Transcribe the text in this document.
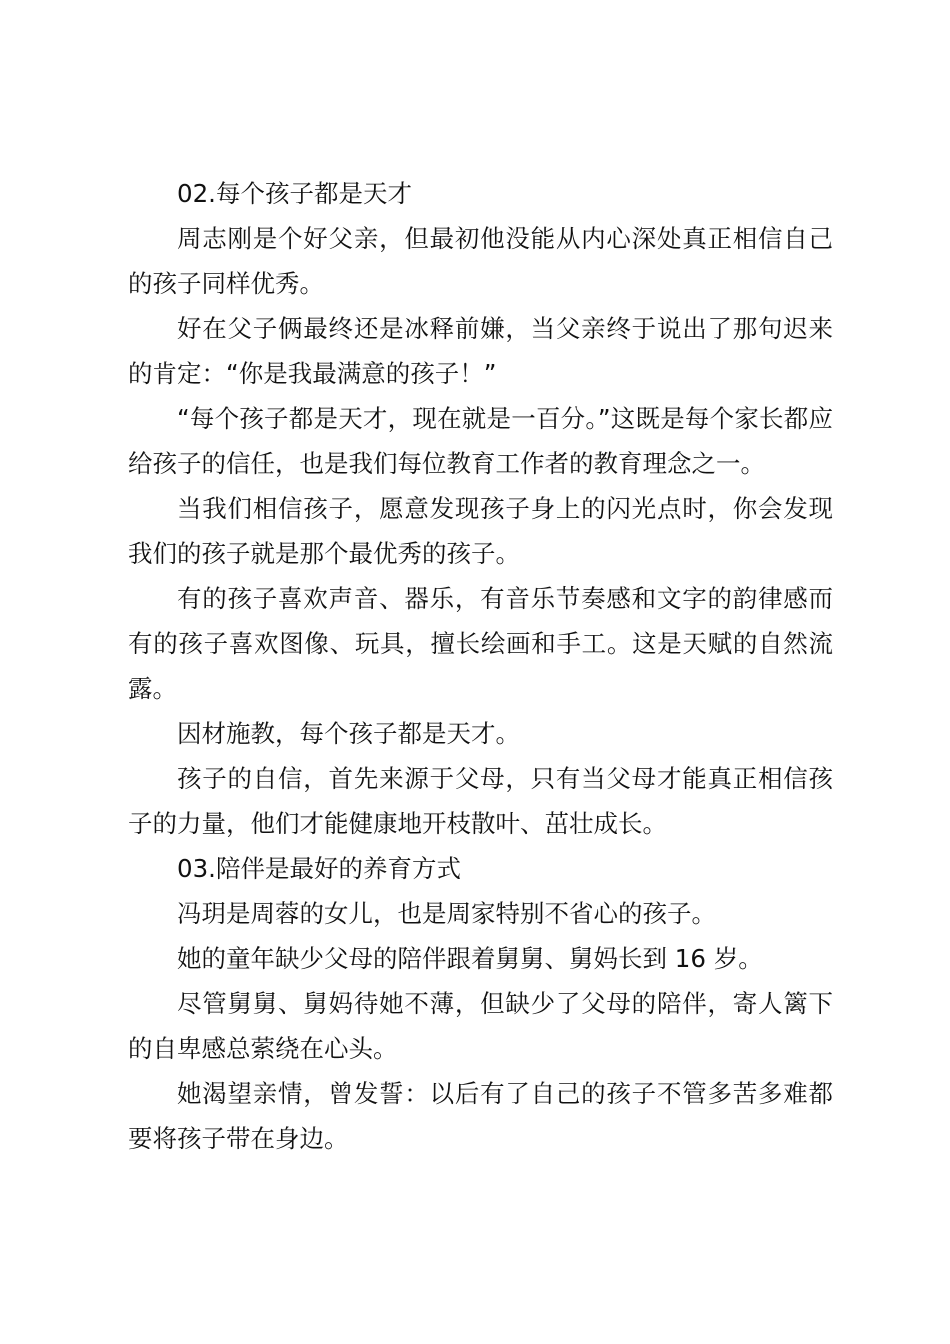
02.每个孩子都是天才

周志刚是个好父亲，但最初他没能从内心深处真正相信自己的孩子同样优秀。

好在父子俩最终还是冰释前嫌，当父亲终于说出了那句迟来的肯定：“你是我最满意的孩子！”

“每个孩子都是天才，现在就是一百分。”这既是每个家长都应给孩子的信任，也是我们每位教育工作者的教育理念之一。

当我们相信孩子，愿意发现孩子身上的闪光点时，你会发现我们的孩子就是那个最优秀的孩子。

有的孩子喜欢声音、器乐，有音乐节奏感和文字的韵律感而有的孩子喜欢图像、玩具，擅长绘画和手工。这是天赋的自然流露。

因材施教，每个孩子都是天才。

孩子的自信，首先来源于父母，只有当父母才能真正相信孩子的力量，他们才能健康地开枝散叶、茁壮成长。

03.陪伴是最好的养育方式

冯玥是周蓉的女儿，也是周家特别不省心的孩子。

她的童年缺少父母的陪伴跟着舅舅、舅妈长到 16 岁。

尽管舅舅、舅妈待她不薄，但缺少了父母的陪伴，寄人篱下的自卑感总萦绕在心头。

她渴望亲情，曾发誓：以后有了自己的孩子不管多苦多难都要将孩子带在身边。
